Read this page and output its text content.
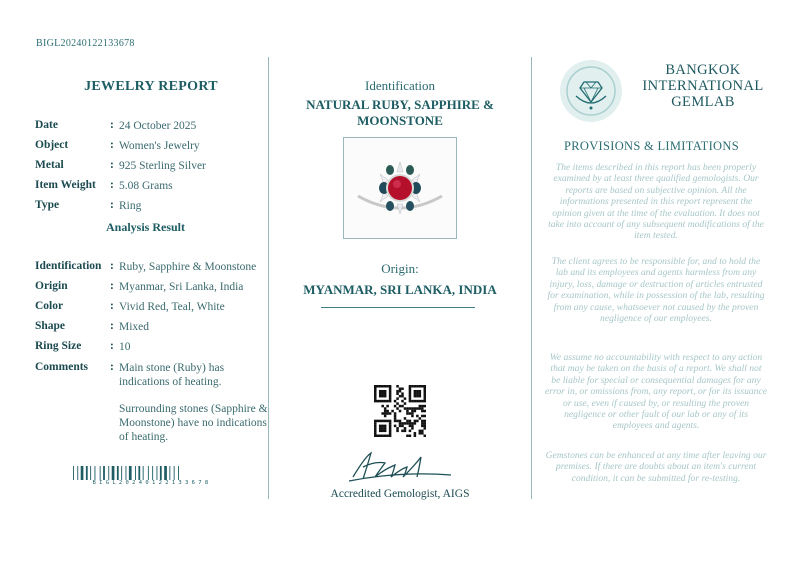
BIGL20240122133678
JEWELRY REPORT
Date	: 24 October 2025
Object	: Women's Jewelry
Metal	: 925 Sterling Silver
Item Weight : 5.08 Grams
Type	: Ring
Analysis Result
Identification : Ruby, Sapphire & Moonstone
Origin	: Myanmar, Sri Lanka, India
Color	: Vivid Red, Teal, White
Shape	: Mixed
Ring Size : 10
Comments : Main stone (Ruby) has indications of heating.
Surrounding stones (Sapphire & Moonstone) have no indications of heating.
BIGL20240122133678
Identification
NATURAL RUBY, SAPPHIRE & MOONSTONE
Origin:
MYANMAR, SRI LANKA, INDIA
Accredited Gemologist, AIGS
BANGKOK
INTERNATIONAL
GEMLAB
PROVISIONS & LIMITATIONS
The items described in this report has been properly examined by at least three qualified gemologists. Our reports are based on subjective opinion. All the informations presented in this report represent the opinion given at the time of the evaluation. It does not take into account of any subsequent modifications of the item tested.
The client agrees to be responsible for, and to hold the lab and its employees and agents harmless from any injury, loss, damage or destruction of articles entrusted for examination, while in possession of the lab, resulting from any cause, whatsoever not caused by the proven negligence of our employees.
We assume no accountability with respect to any action that may be taken on the basis of a report. We shall not be liable for special or consequential damages for any error in, or omissions from, any report, or for its issuance or use, even if caused by, or resulting the proven negligence or other fault of our lab or any of its employees and agents.
Gemstones can be enhanced at any time after leaving our premises. If there are doubts about an item's current condition, it can be submitted for re-testing.
